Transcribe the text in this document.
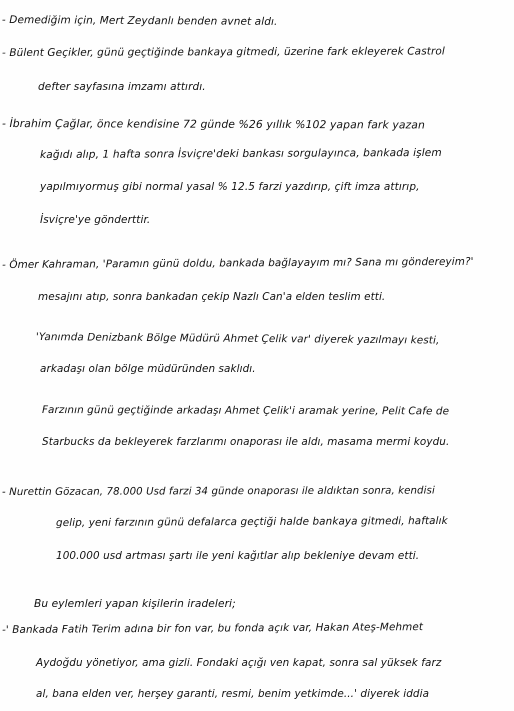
- Demediğim için, Mert Zeydanlı benden avnet aldı.
- Bülent Geçikler, günü geçtiğinde bankaya gitmedi, üzerine fark ekleyerek Castrol
defter sayfasına imzamı attırdı.
- İbrahim Çağlar, önce kendisine 72 günde %26 yıllık %102 yapan fark yazan
kağıdı alıp, 1 hafta sonra İsviçre'deki bankası sorgulayınca, bankada işlem
yapılmıyormuş gibi normal yasal % 12.5 farzi yazdırıp, çift imza attırıp,
İsviçre'ye gönderttir.
- Ömer Kahraman, 'Paramın günü doldu, bankada bağlayayım mı? Sana mı göndereyim?'
mesajını atıp, sonra bankadan çekip Nazlı Can'a elden teslim etti.
'Yanımda Denizbank Bölge Müdürü Ahmet Çelik var' diyerek yazılmayı kesti,
arkadaşı olan bölge müdüründen saklıdı.
Farzının günü geçtiğinde arkadaşı Ahmet Çelik'i aramak yerine, Pelit Cafe de
Starbucks da bekleyerek farzlarımı onaporası ile aldı, masama mermi koydu.
- Nurettin Gözacan, 78.000 Usd farzi 34 günde onaporası ile aldıktan sonra, kendisi
gelip, yeni farzının günü defalarca geçtiği halde bankaya gitmedi, haftalık
100.000 usd artması şartı ile yeni kağıtlar alıp bekleniye devam etti.
Bu eylemleri yapan kişilerin iradeleri;
-' Bankada Fatih Terim adına bir fon var, bu fonda açık var, Hakan Ateş-Mehmet
Aydoğdu yönetiyor, ama gizli. Fondaki açığı ven kapat, sonra sal yüksek farz
al, bana elden ver, herşey garanti, resmi, benim yetkimde...' diyerek iddia
